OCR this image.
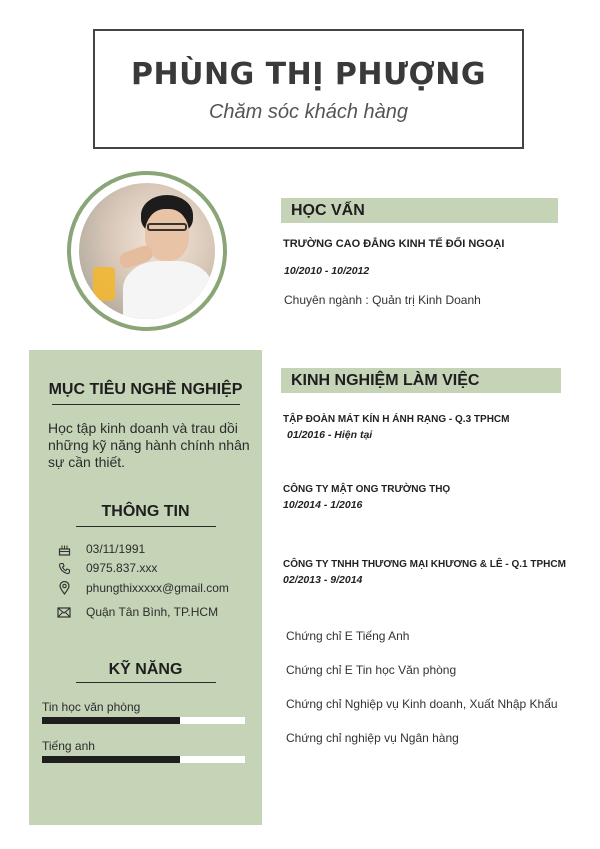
PHÙNG THỊ PHƯỢNG
Chăm sóc khách hàng
MỤC TIÊU NGHỀ NGHIỆP
Học tập kinh doanh và trau dồi
những kỹ năng hành chính nhân
sự cần thiết.
THÔNG TIN
03/11/1991
0975.837.xxx
phungthixxxxx@gmail.com
Quận Tân Bình, TP.HCM
KỸ NĂNG
Tin học văn phòng
Tiếng anh
HỌC VẤN
TRƯỜNG CAO ĐẲNG KINH TẾ ĐỐI NGOẠI
10/2010 - 10/2012
Chuyên ngành : Quản trị Kinh Doanh
KINH NGHIỆM LÀM VIỆC
TẬP ĐOÀN MÁT KÍN H ÁNH RẠNG - Q.3 TPHCM
01/2016 - Hiện tại
CÔNG TY MẬT ONG TRƯỜNG THỌ
10/2014 - 1/2016
CÔNG TY TNHH THƯƠNG MẠI KHƯƠNG & LÊ - Q.1 TPHCM
02/2013 - 9/2014
Chứng chỉ E Tiếng Anh
Chứng chỉ E Tin học Văn phòng
Chứng chỉ Nghiệp vụ Kinh doanh, Xuất Nhập Khẩu
Chứng chỉ nghiệp vụ Ngân hàng
